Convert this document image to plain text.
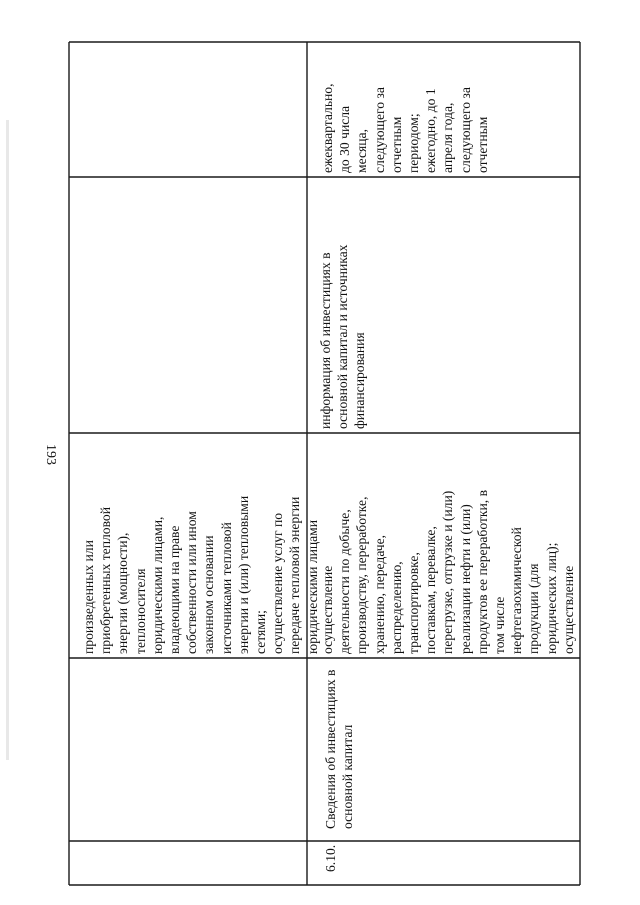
193
произведенных или
приобретенных тепловой
энергии (мощности),
теплоносителя
юридическими лицами,
владеющими на праве
собственности или ином
законном основании
источниками тепловой
энергии и (или) тепловыми
сетями;
осуществление услуг по
передаче тепловой энергии
юридическими лицами
6.10.
Сведения об инвестициях в
основной капитал
осуществление
деятельности по добыче,
производству, переработке,
хранению, передаче,
распределению,
транспортировке,
поставкам, перевалке,
перегрузке, отгрузке и (или)
реализации нефти и (или)
продуктов ее переработки, в
том числе
нефтегазохимической
продукции (для
юридических лиц);
осуществление
информация об инвестициях в
основной капитал и источниках
финансирования
ежеквартально,
до 30 числа
месяца,
следующего за
отчетным
периодом;
ежегодно, до 1
апреля года,
следующего за
отчетным
